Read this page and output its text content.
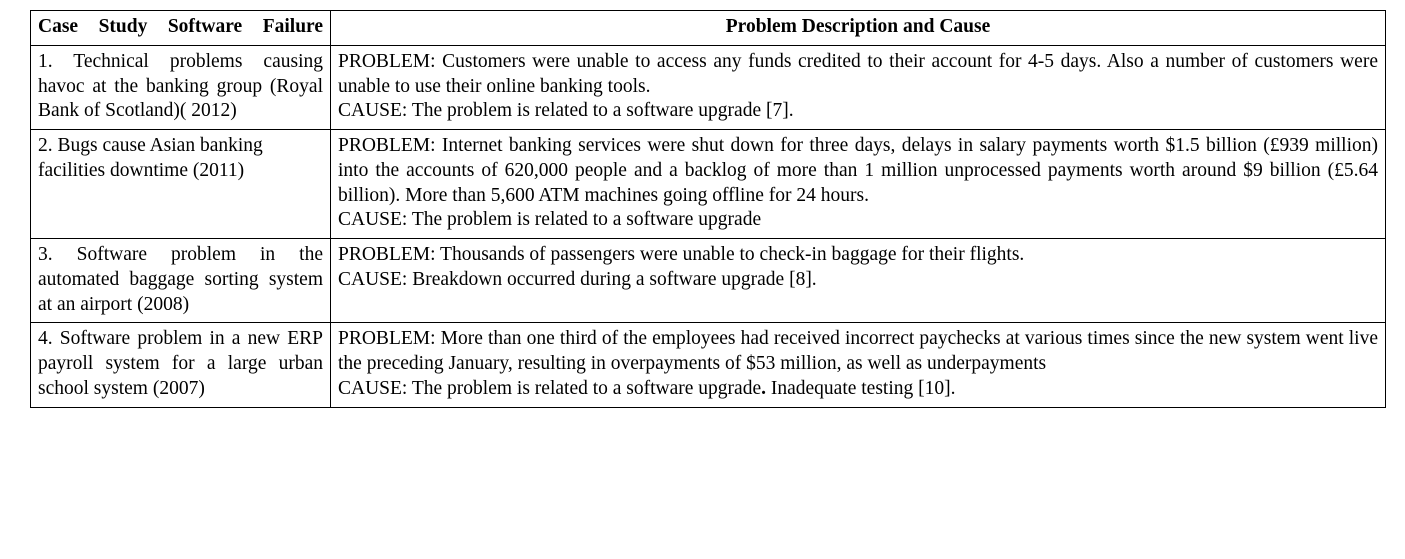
Case Study Software Failure	Problem Description and Cause
1. Technical problems causing havoc at the banking group (Royal Bank of Scotland)( 2012)	PROBLEM: Customers were unable to access any funds credited to their account for 4-5 days. Also a number of customers were unable to use their online banking tools.

CAUSE: The problem is related to a software upgrade [7].

2. Bugs cause Asian banking facilities downtime (2011)	PROBLEM: Internet banking services were shut down for three days, delays in salary payments worth $1.5 billion (£939 million) into the accounts of 620,000 people and a backlog of more than 1 million unprocessed payments worth around $9 billion (£5.64 billion). More than 5,600 ATM machines going offline for 24 hours.

CAUSE: The problem is related to a software upgrade

3. Software problem in the automated baggage sorting system at an airport (2008)	PROBLEM: Thousands of passengers were unable to check-in baggage for their flights.

CAUSE: Breakdown occurred during a software upgrade [8].

4. Software problem in a new ERP payroll system for a large urban school system (2007)	PROBLEM: More than one third of the employees had received incorrect paychecks at various times since the new system went live the preceding January, resulting in overpayments of $53 million, as well as underpayments

CAUSE: The problem is related to a software upgrade. Inadequate testing [10].
